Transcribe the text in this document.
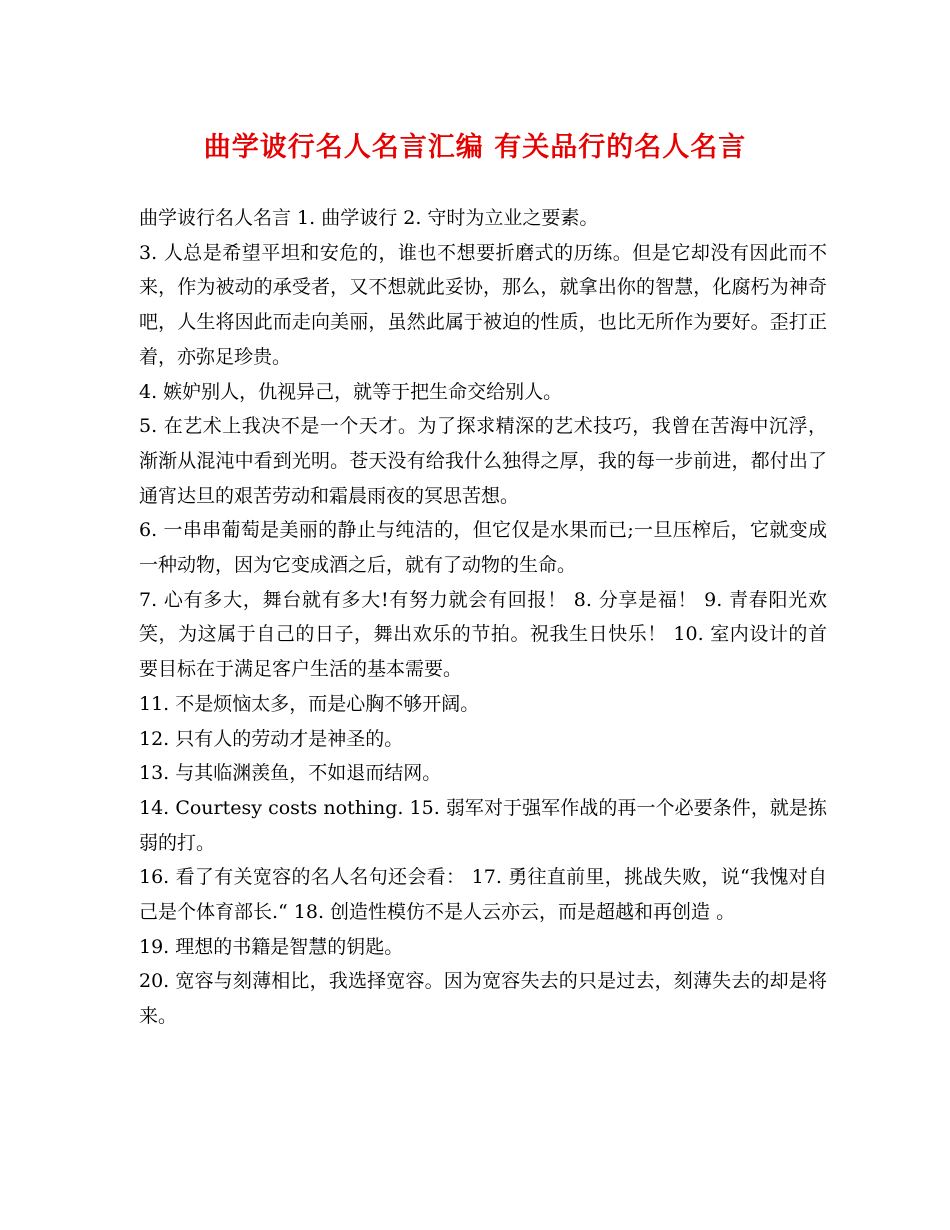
曲学诐行名人名言汇编 有关品行的名人名言

曲学诐行名人名言 1. 曲学诐行 2. 守时为立业之要素。

3. 人总是希望平坦和安危的，谁也不想要折磨式的历练。但是它却没有因此而不来，作为被动的承受者，又不想就此妥协，那么，就拿出你的智慧，化腐朽为神奇吧，人生将因此而走向美丽，虽然此属于被迫的性质，也比无所作为要好。歪打正着，亦弥足珍贵。

4. 嫉妒别人，仇视异己，就等于把生命交给别人。

5. 在艺术上我决不是一个天才。为了探求精深的艺术技巧，我曾在苦海中沉浮，渐渐从混沌中看到光明。苍天没有给我什么独得之厚，我的每一步前进，都付出了通宵达旦的艰苦劳动和霜晨雨夜的冥思苦想。

6. 一串串葡萄是美丽的静止与纯洁的，但它仅是水果而已;一旦压榨后，它就变成一种动物，因为它变成酒之后，就有了动物的生命。

7. 心有多大，舞台就有多大!有努力就会有回报！ 8. 分享是福！ 9. 青春阳光欢笑，为这属于自己的日子，舞出欢乐的节拍。祝我生日快乐！ 10. 室内设计的首要目标在于满足客户生活的基本需要。

11. 不是烦恼太多，而是心胸不够开阔。

12. 只有人的劳动才是神圣的。

13. 与其临渊羡鱼，不如退而结网。

14. Courtesy costs nothing. 15. 弱军对于强军作战的再一个必要条件，就是拣弱的打。

16. 看了有关宽容的名人名句还会看： 17. 勇往直前里，挑战失败，说“我愧对自己是个体育部长.“ 18. 创造性模仿不是人云亦云，而是超越和再创造 。

19. 理想的书籍是智慧的钥匙。

20. 宽容与刻薄相比，我选择宽容。因为宽容失去的只是过去，刻薄失去的却是将来。
